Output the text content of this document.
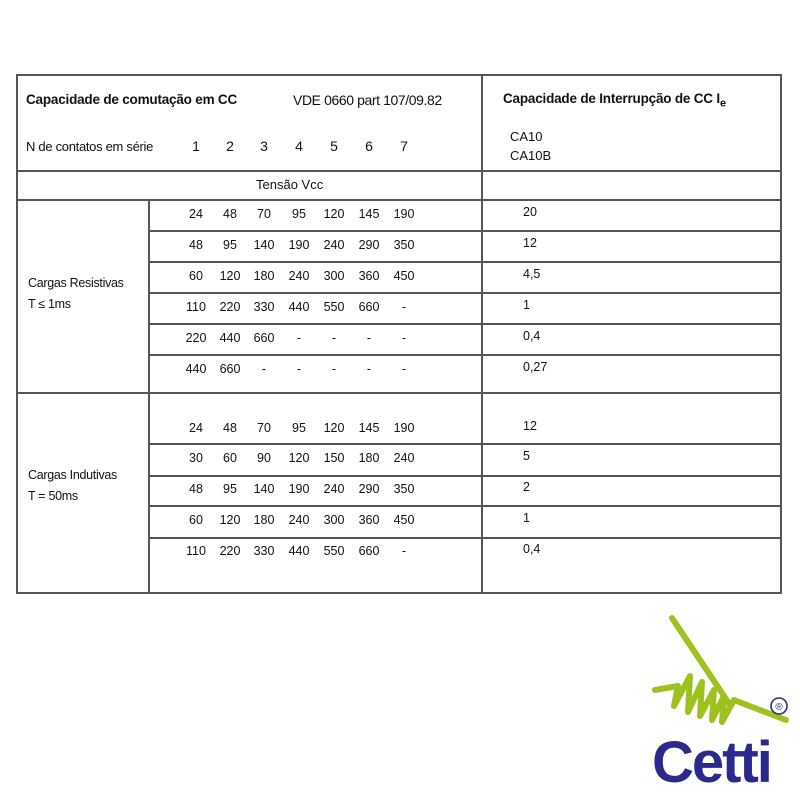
Capacidade de comutação em CC	VDE 0660 part 107/09.82	Capacidade de Interrupção de CC $I_e$
N de contatos em série	1	2	3	4	5	6	7
CA10
CA10B
Tensão Vcc
Cargas Resistivas
T ≤ 1ms
Cargas Indutivas
T = 50ms
24	48	70	95	120	145	190	20
48	95	140	190	240	290	350	12
60	120	180	240	300	360	450	4,5
110	220	330	440	550	660	-	1
220	440	660	-	-	-	-	0,4
440	660	-	-	-	-	-	0,27
24	48	70	95	120	145	190	12
30	60	90	120	150	180	240	5
48	95	140	190	240	290	350	2
60	120	180	240	300	360	450	1
110	220	330	440	550	660	-	0,4
Cetti
®
